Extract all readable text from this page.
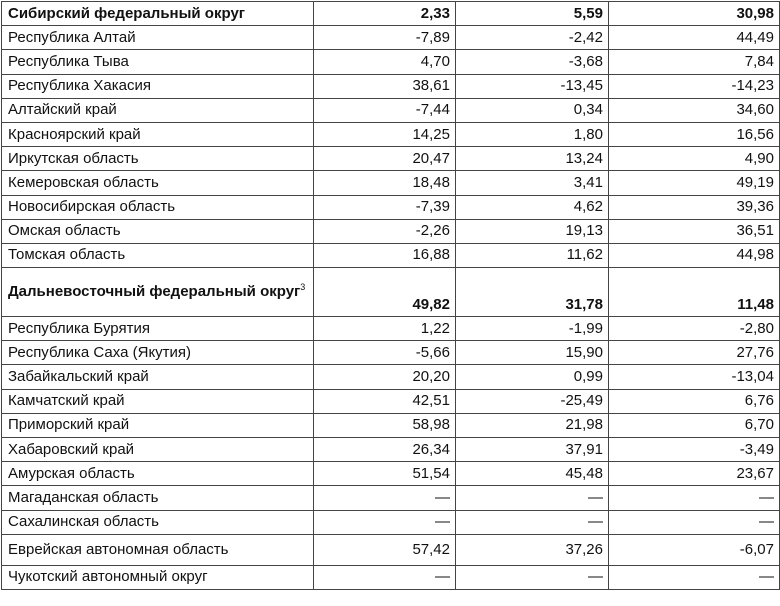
Сибирский федеральный округ	2,33	5,59	30,98
Республика Алтай	-7,89	-2,42	44,49
Республика Тыва	4,70	-3,68	7,84
Республика Хакасия	38,61	-13,45	-14,23
Алтайский край	-7,44	0,34	34,60
Красноярский край	14,25	1,80	16,56
Иркутская область	20,47	13,24	4,90
Кемеровская область	18,48	3,41	49,19
Новосибирская область	-7,39	4,62	39,36
Омская область	-2,26	19,13	36,51
Томская область	16,88	11,62	44,98
Дальневосточный федеральный округ$^3$	49,82	31,78	11,48
Республика Бурятия	1,22	-1,99	-2,80
Республика Саха (Якутия)	-5,66	15,90	27,76
Забайкальский край	20,20	0,99	-13,04
Камчатский край	42,51	-25,49	6,76
Приморский край	58,98	21,98	6,70
Хабаровский край	26,34	37,91	-3,49
Амурская область	51,54	45,48	23,67
Магаданская область	—	—	—
Сахалинская область	—	—	—
Еврейская автономная область	57,42	37,26	-6,07
Чукотский автономный округ	—	—	—
